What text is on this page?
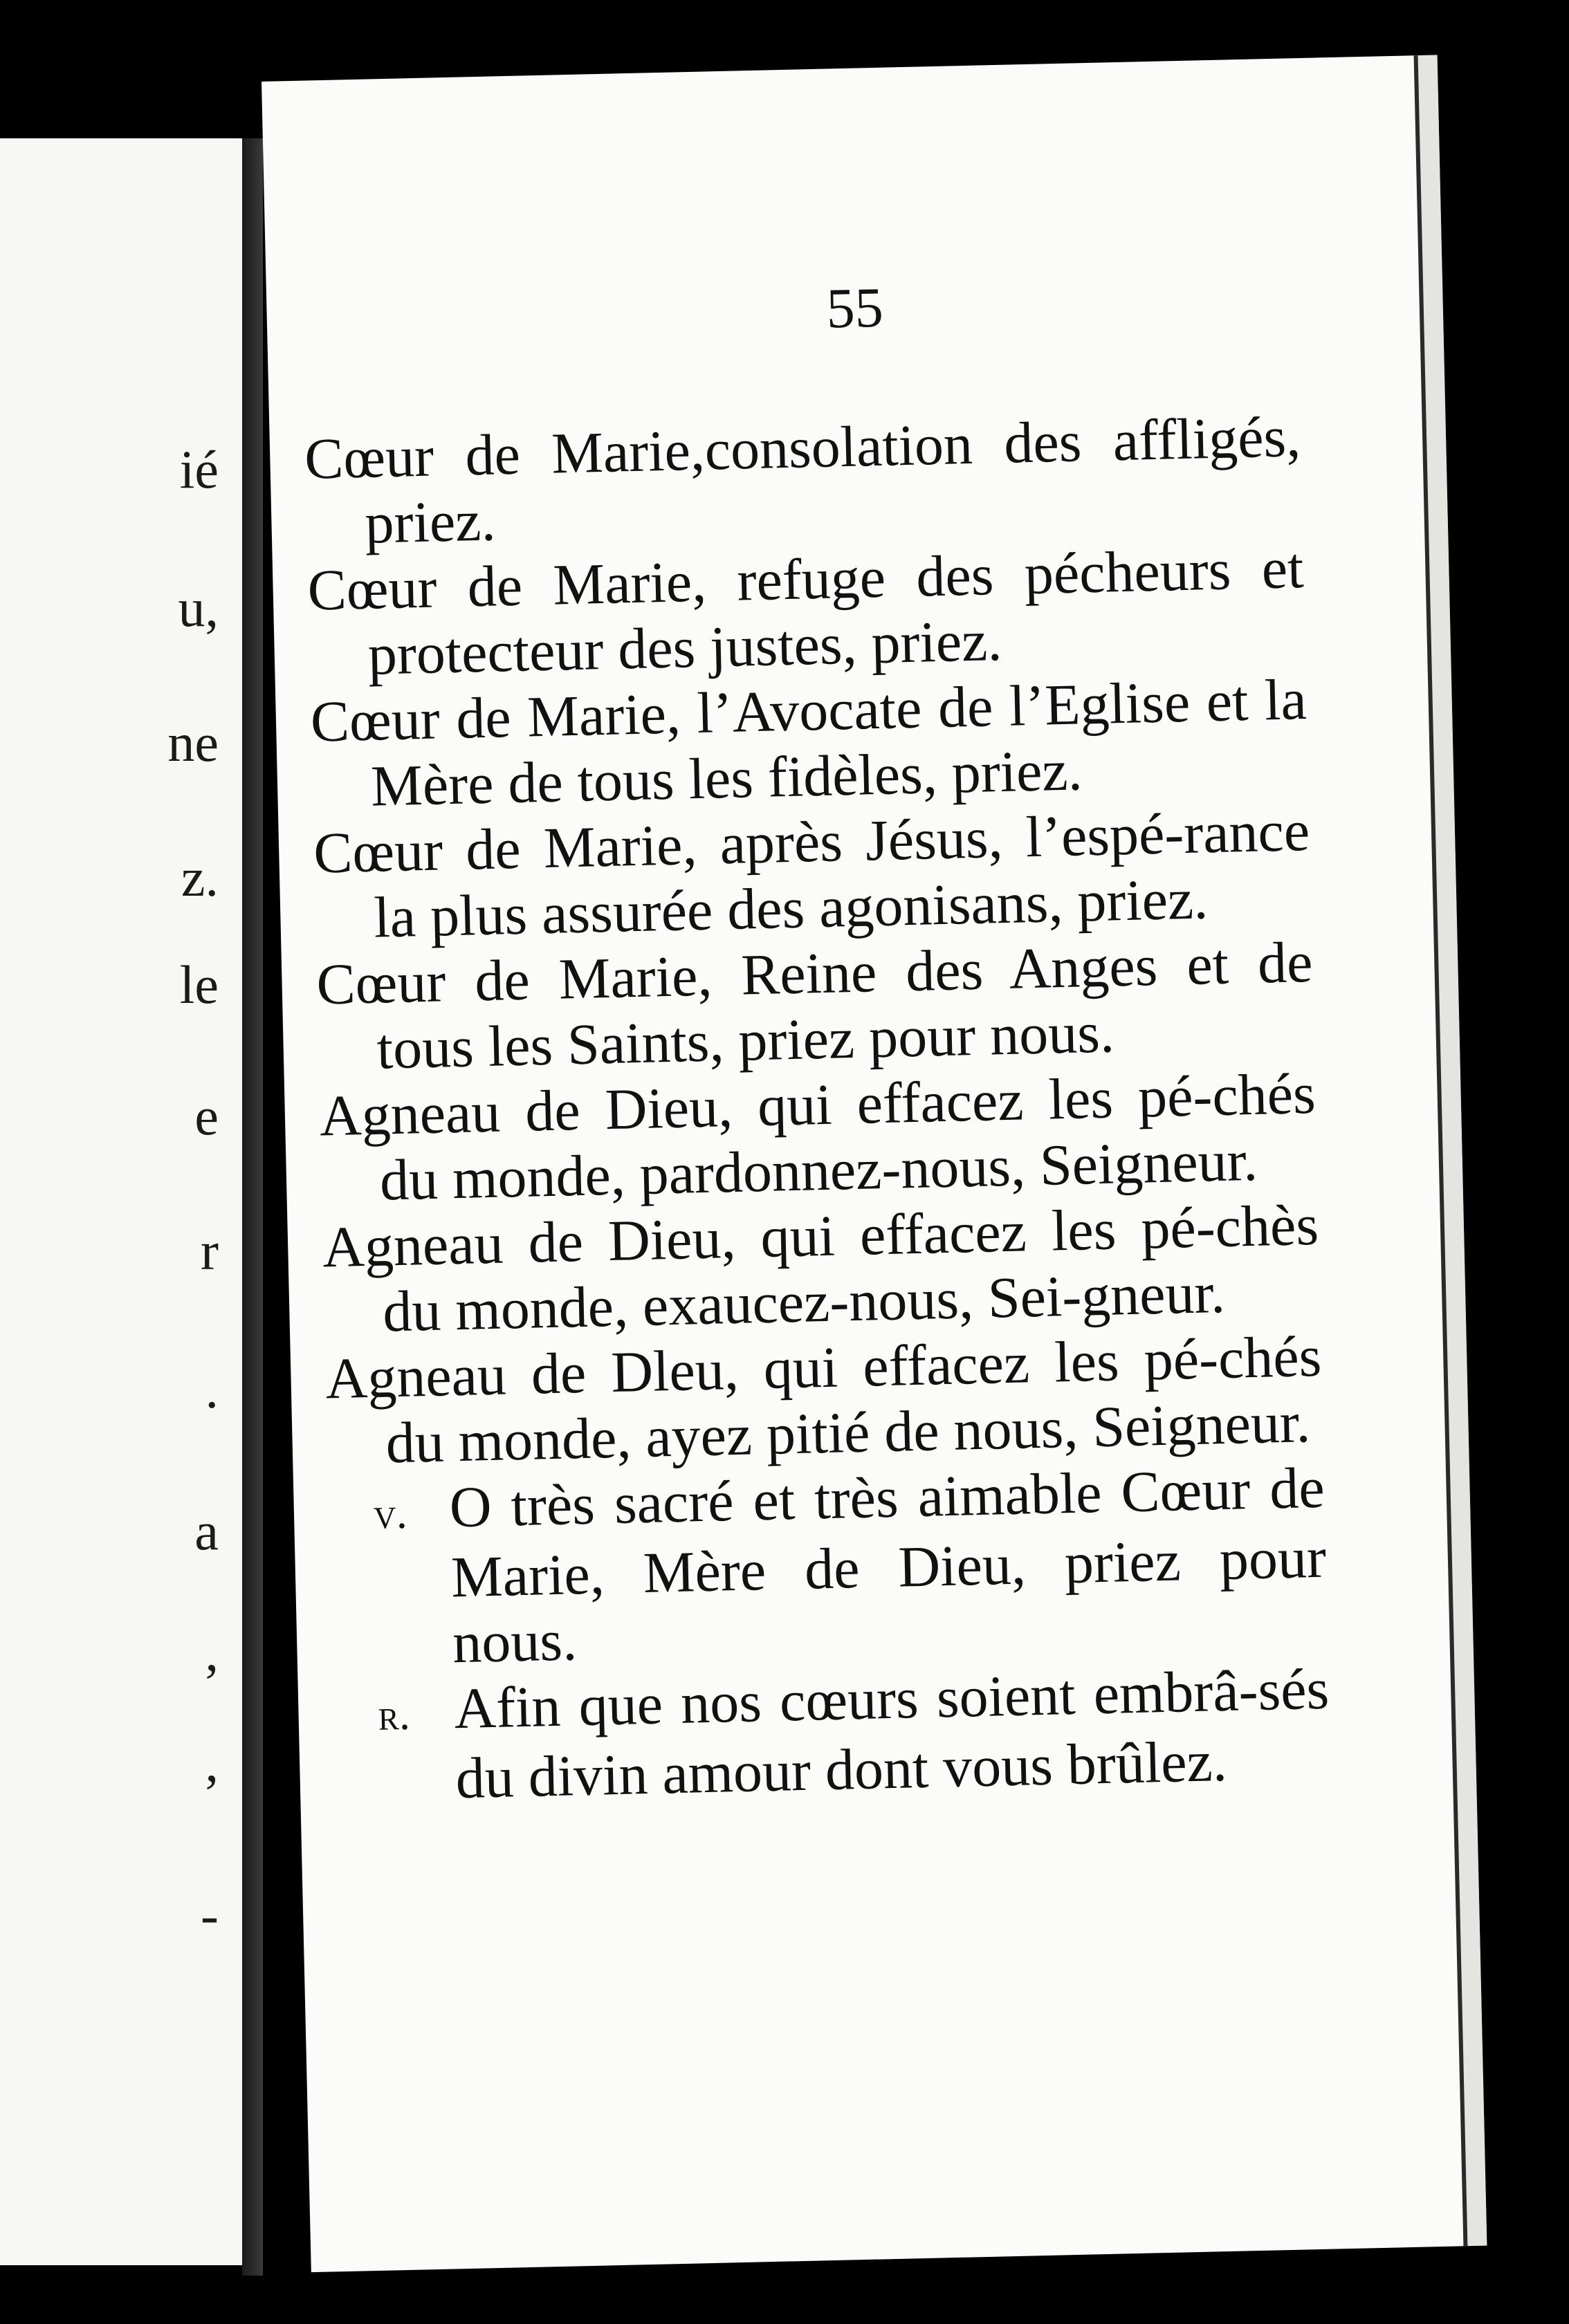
ié
u,
ne
z.
le
e
r
.
a
,
,
-
55

Cœur de Marie,consolation des affligés, priez.

Cœur de Marie, refuge des pécheurs et protecteur des justes, priez.

Cœur de Marie, l’Avocate de l’Eglise et la Mère de tous les fidèles, priez.

Cœur de Marie, après Jésus, l’espé-rance la plus assurée des agonisans, priez.

Cœur de Marie, Reine des Anges et de tous les Saints, priez pour nous.

Agneau de Dieu, qui effacez les pé-chés du monde, pardonnez-nous, Seigneur.

Agneau de Dieu, qui effacez les pé-chès du monde, exaucez-nous, Sei-gneur.

Agneau de Dleu, qui effacez les pé-chés du monde, ayez pitié de nous, Seigneur.

v. O très sacré et très aimable Cœur de Marie, Mère de Dieu, priez pour nous.

r. Afin que nos cœurs soient embrâ-sés du divin amour dont vous brûlez.
